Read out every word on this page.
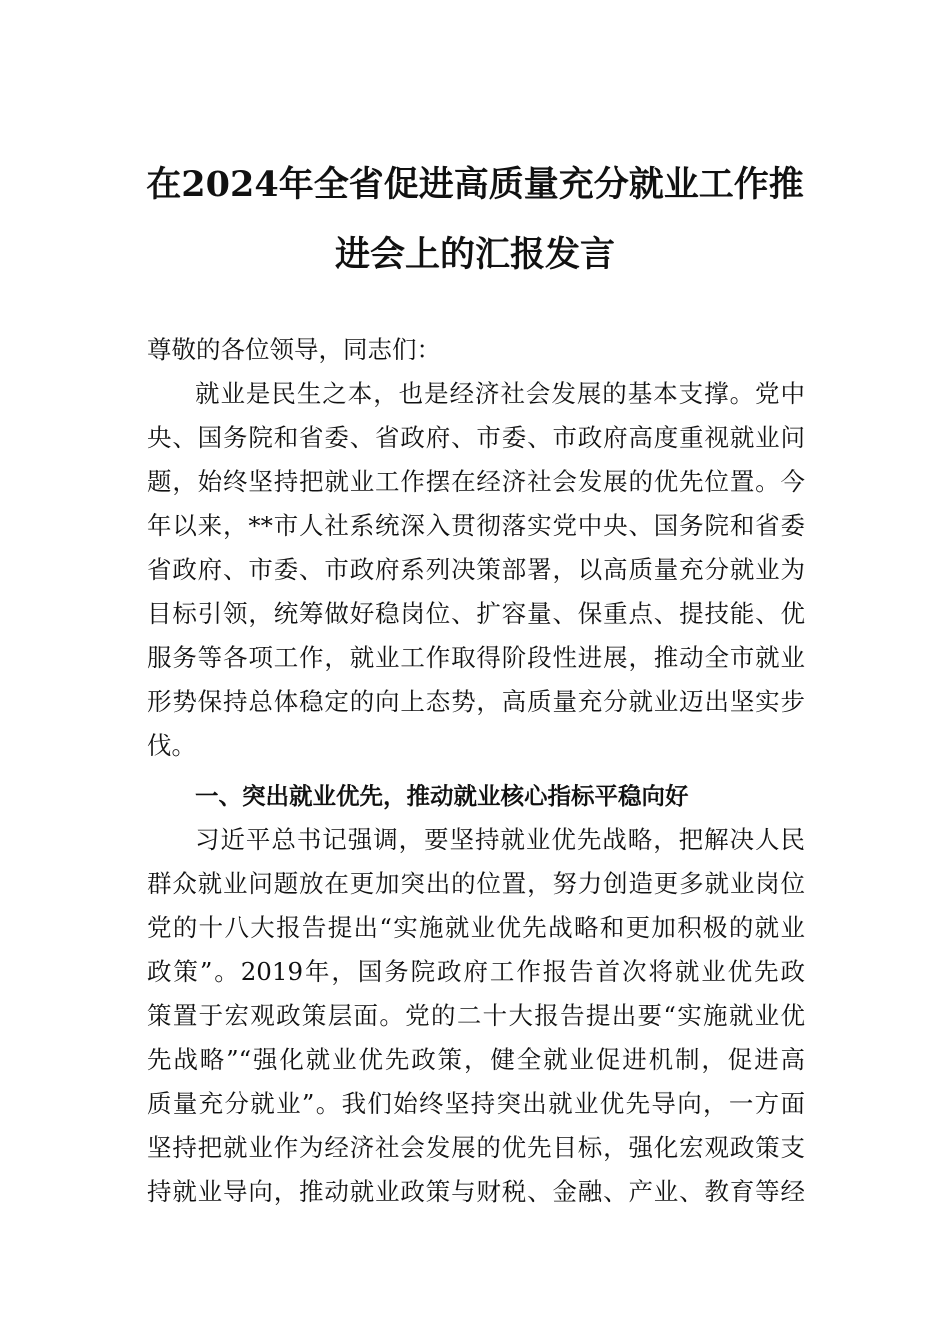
在2024年全省促进高质量充分就业工作推
进会上的汇报发言

尊敬的各位领导，同志们：

就业是民生之本，也是经济社会发展的基本支撑。党中

央、国务院和省委、省政府、市委、市政府高度重视就业问

题，始终坚持把就业工作摆在经济社会发展的优先位置。今

年以来，**市人社系统深入贯彻落实党中央、国务院和省委

省政府、市委、市政府系列决策部署，以高质量充分就业为

目标引领，统筹做好稳岗位、扩容量、保重点、提技能、优

服务等各项工作，就业工作取得阶段性进展，推动全市就业

形势保持总体稳定的向上态势，高质量充分就业迈出坚实步

伐。

一、突出就业优先，推动就业核心指标平稳向好

习近平总书记强调，要坚持就业优先战略，把解决人民

群众就业问题放在更加突出的位置，努力创造更多就业岗位

党的十八大报告提出“实施就业优先战略和更加积极的就业

政策”。2019年，国务院政府工作报告首次将就业优先政

策置于宏观政策层面。党的二十大报告提出要“实施就业优

先战略”“强化就业优先政策，健全就业促进机制，促进高

质量充分就业”。我们始终坚持突出就业优先导向，一方面

坚持把就业作为经济社会发展的优先目标，强化宏观政策支

持就业导向，推动就业政策与财税、金融、产业、教育等经
